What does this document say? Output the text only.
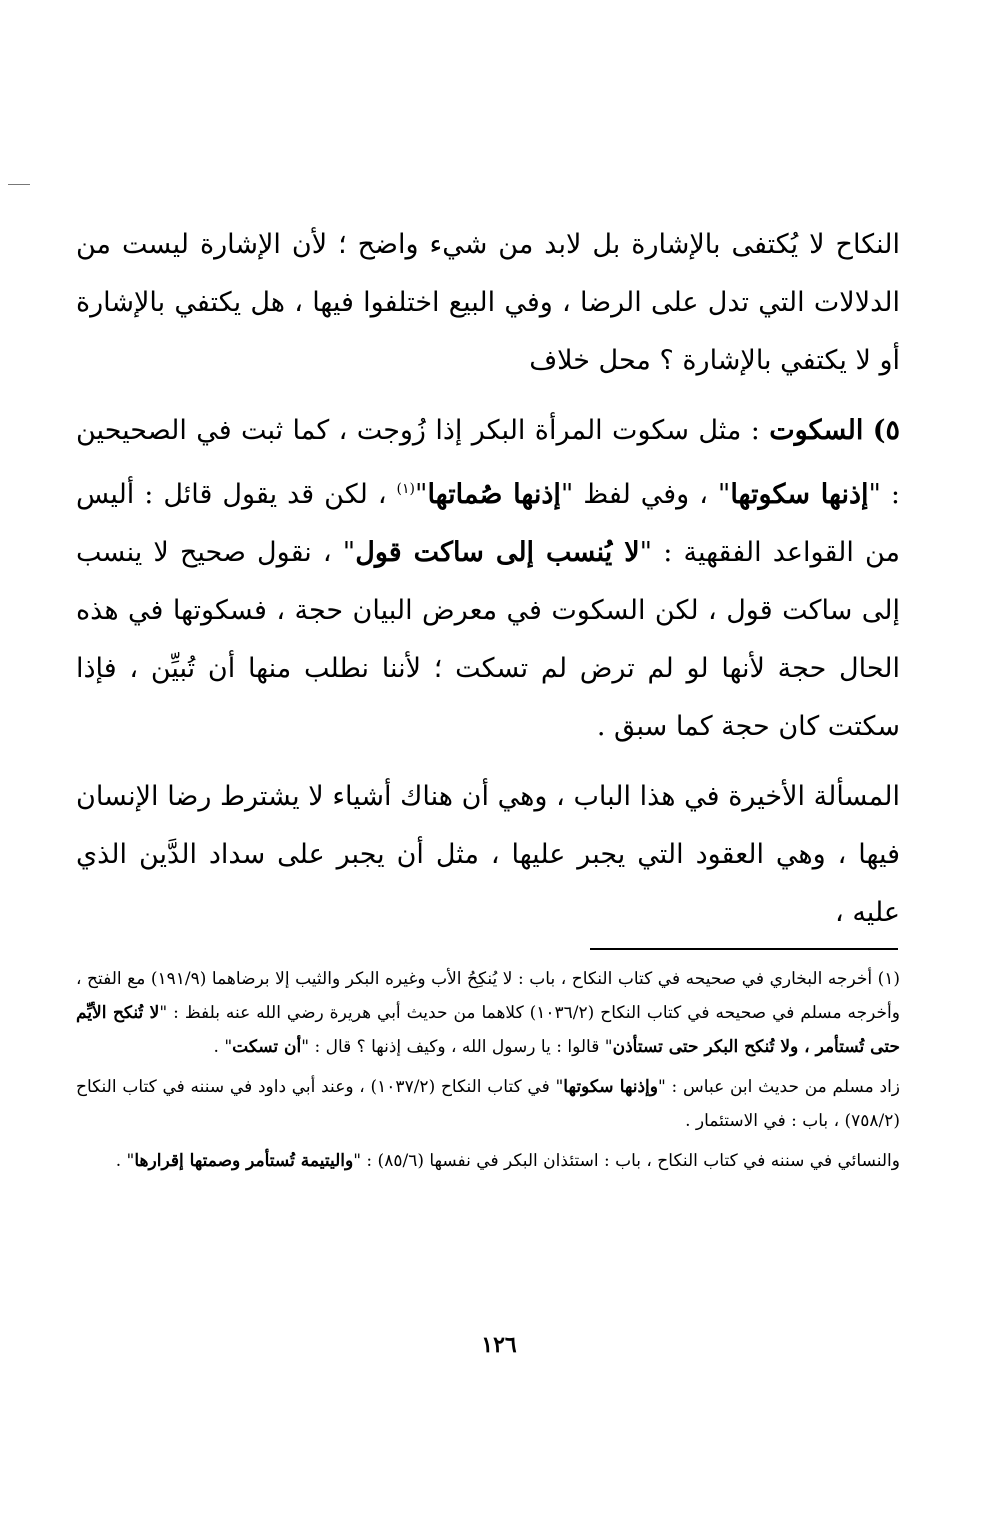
النكاح لا يُكتفى بالإشارة بل لابد من شيء واضح ؛ لأن الإشارة ليست من الدلالات التي تدل على الرضا ، وفي البيع اختلفوا فيها ، هل يكتفي بالإشارة أو لا يكتفي بالإشارة ؟ محل خلاف

٥) السكوت : مثل سكوت المرأة البكر إذا زُوجت ، كما ثبت في الصحيحين : "إذنها سكوتها" ، وفي لفظ "إذنها صُماتها"$^{(١)}$ ، لكن قد يقول قائل : أليس من القواعد الفقهية : "لا يُنسب إلى ساكت قول" ، نقول صحيح لا ينسب إلى ساكت قول ، لكن السكوت في معرض البيان حجة ، فسكوتها في هذه الحال حجة لأنها لو لم ترض لم تسكت ؛ لأننا نطلب منها أن تُبيِّن ، فإذا سكتت كان حجة كما سبق .

المسألة الأخيرة في هذا الباب ، وهي أن هناك أشياء لا يشترط رضا الإنسان فيها ، وهي العقود التي يجبر عليها ، مثل أن يجبر على سداد الدَّين الذي عليه ،

(١) أخرجه البخاري في صحيحه في كتاب النكاح ، باب : لا يُنكِحُ الأب وغيره البكر والثيب إلا برضاهما (١٩١/٩) مع الفتح ، وأخرجه مسلم في صحيحه في كتاب النكاح (١٠٣٦/٢) كلاهما من حديث أبي هريرة رضي الله عنه بلفظ : "لا تُنكح الأيِّم حتى تُستأمر ، ولا تُنكح البكر حتى تستأذن" قالوا : يا رسول الله ، وكيف إذنها ؟ قال : "أن تسكت" .

زاد مسلم من حديث ابن عباس : "وإذنها سكوتها" في كتاب النكاح (١٠٣٧/٢) ، وعند أبي داود في سننه في كتاب النكاح (٧٥٨/٢) ، باب : في الاستئمار .

والنسائي في سننه في كتاب النكاح ، باب : استئذان البكر في نفسها (٨٥/٦) : "واليتيمة تُستأمر وصمتها إقرارها" .

١٢٦
